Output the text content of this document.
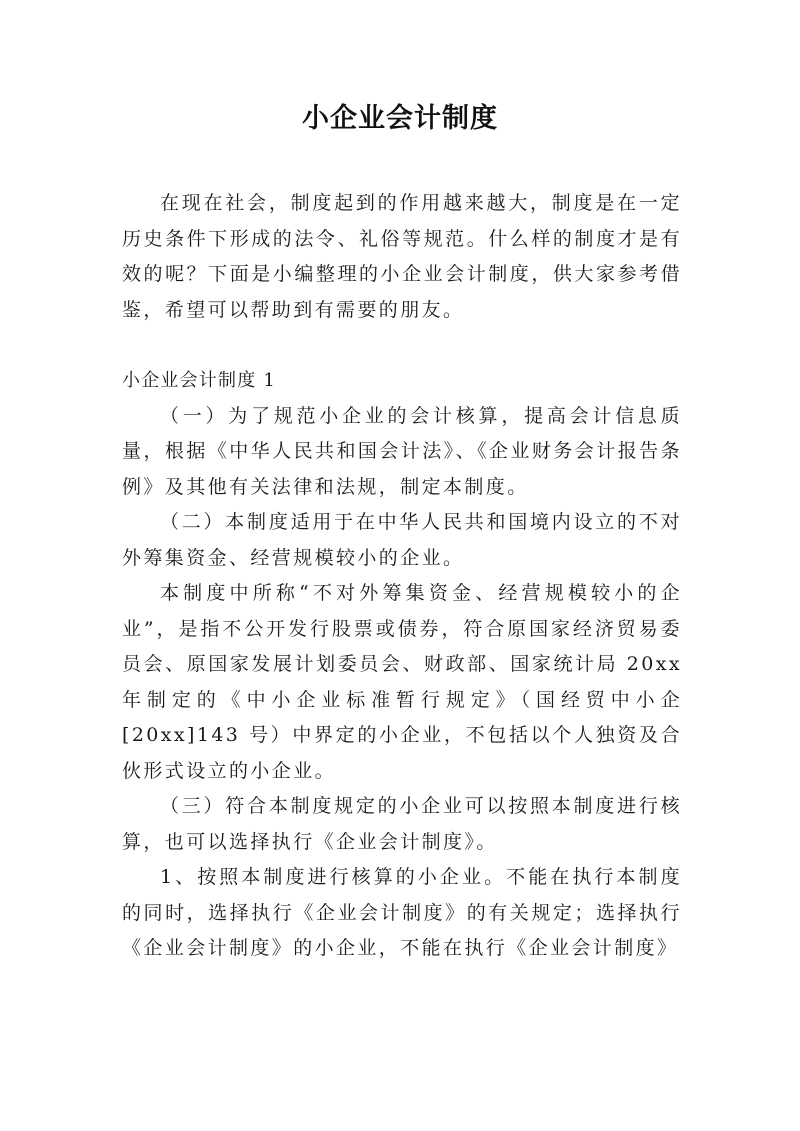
小企业会计制度

在现在社会，制度起到的作用越来越大，制度是在一定历史条件下形成的法令、礼俗等规范。什么样的制度才是有效的呢？下面是小编整理的小企业会计制度，供大家参考借鉴，希望可以帮助到有需要的朋友。

小企业会计制度 1

（一）为了规范小企业的会计核算，提高会计信息质量，根据《中华人民共和国会计法》、《企业财务会计报告条例》及其他有关法律和法规，制定本制度。

（二）本制度适用于在中华人民共和国境内设立的不对外筹集资金、经营规模较小的企业。

本制度中所称“不对外筹集资金、经营规模较小的企业”，是指不公开发行股票或债券，符合原国家经济贸易委员会、原国家发展计划委员会、财政部、国家统计局 20xx 年制定的《中小企业标准暂行规定》（国经贸中小企[20xx]143 号）中界定的小企业，不包括以个人独资及合伙形式设立的小企业。

（三）符合本制度规定的小企业可以按照本制度进行核算，也可以选择执行《企业会计制度》。

1、按照本制度进行核算的小企业。不能在执行本制度的同时，选择执行《企业会计制度》的有关规定；选择执行《企业会计制度》的小企业，不能在执行《企业会计制度》
